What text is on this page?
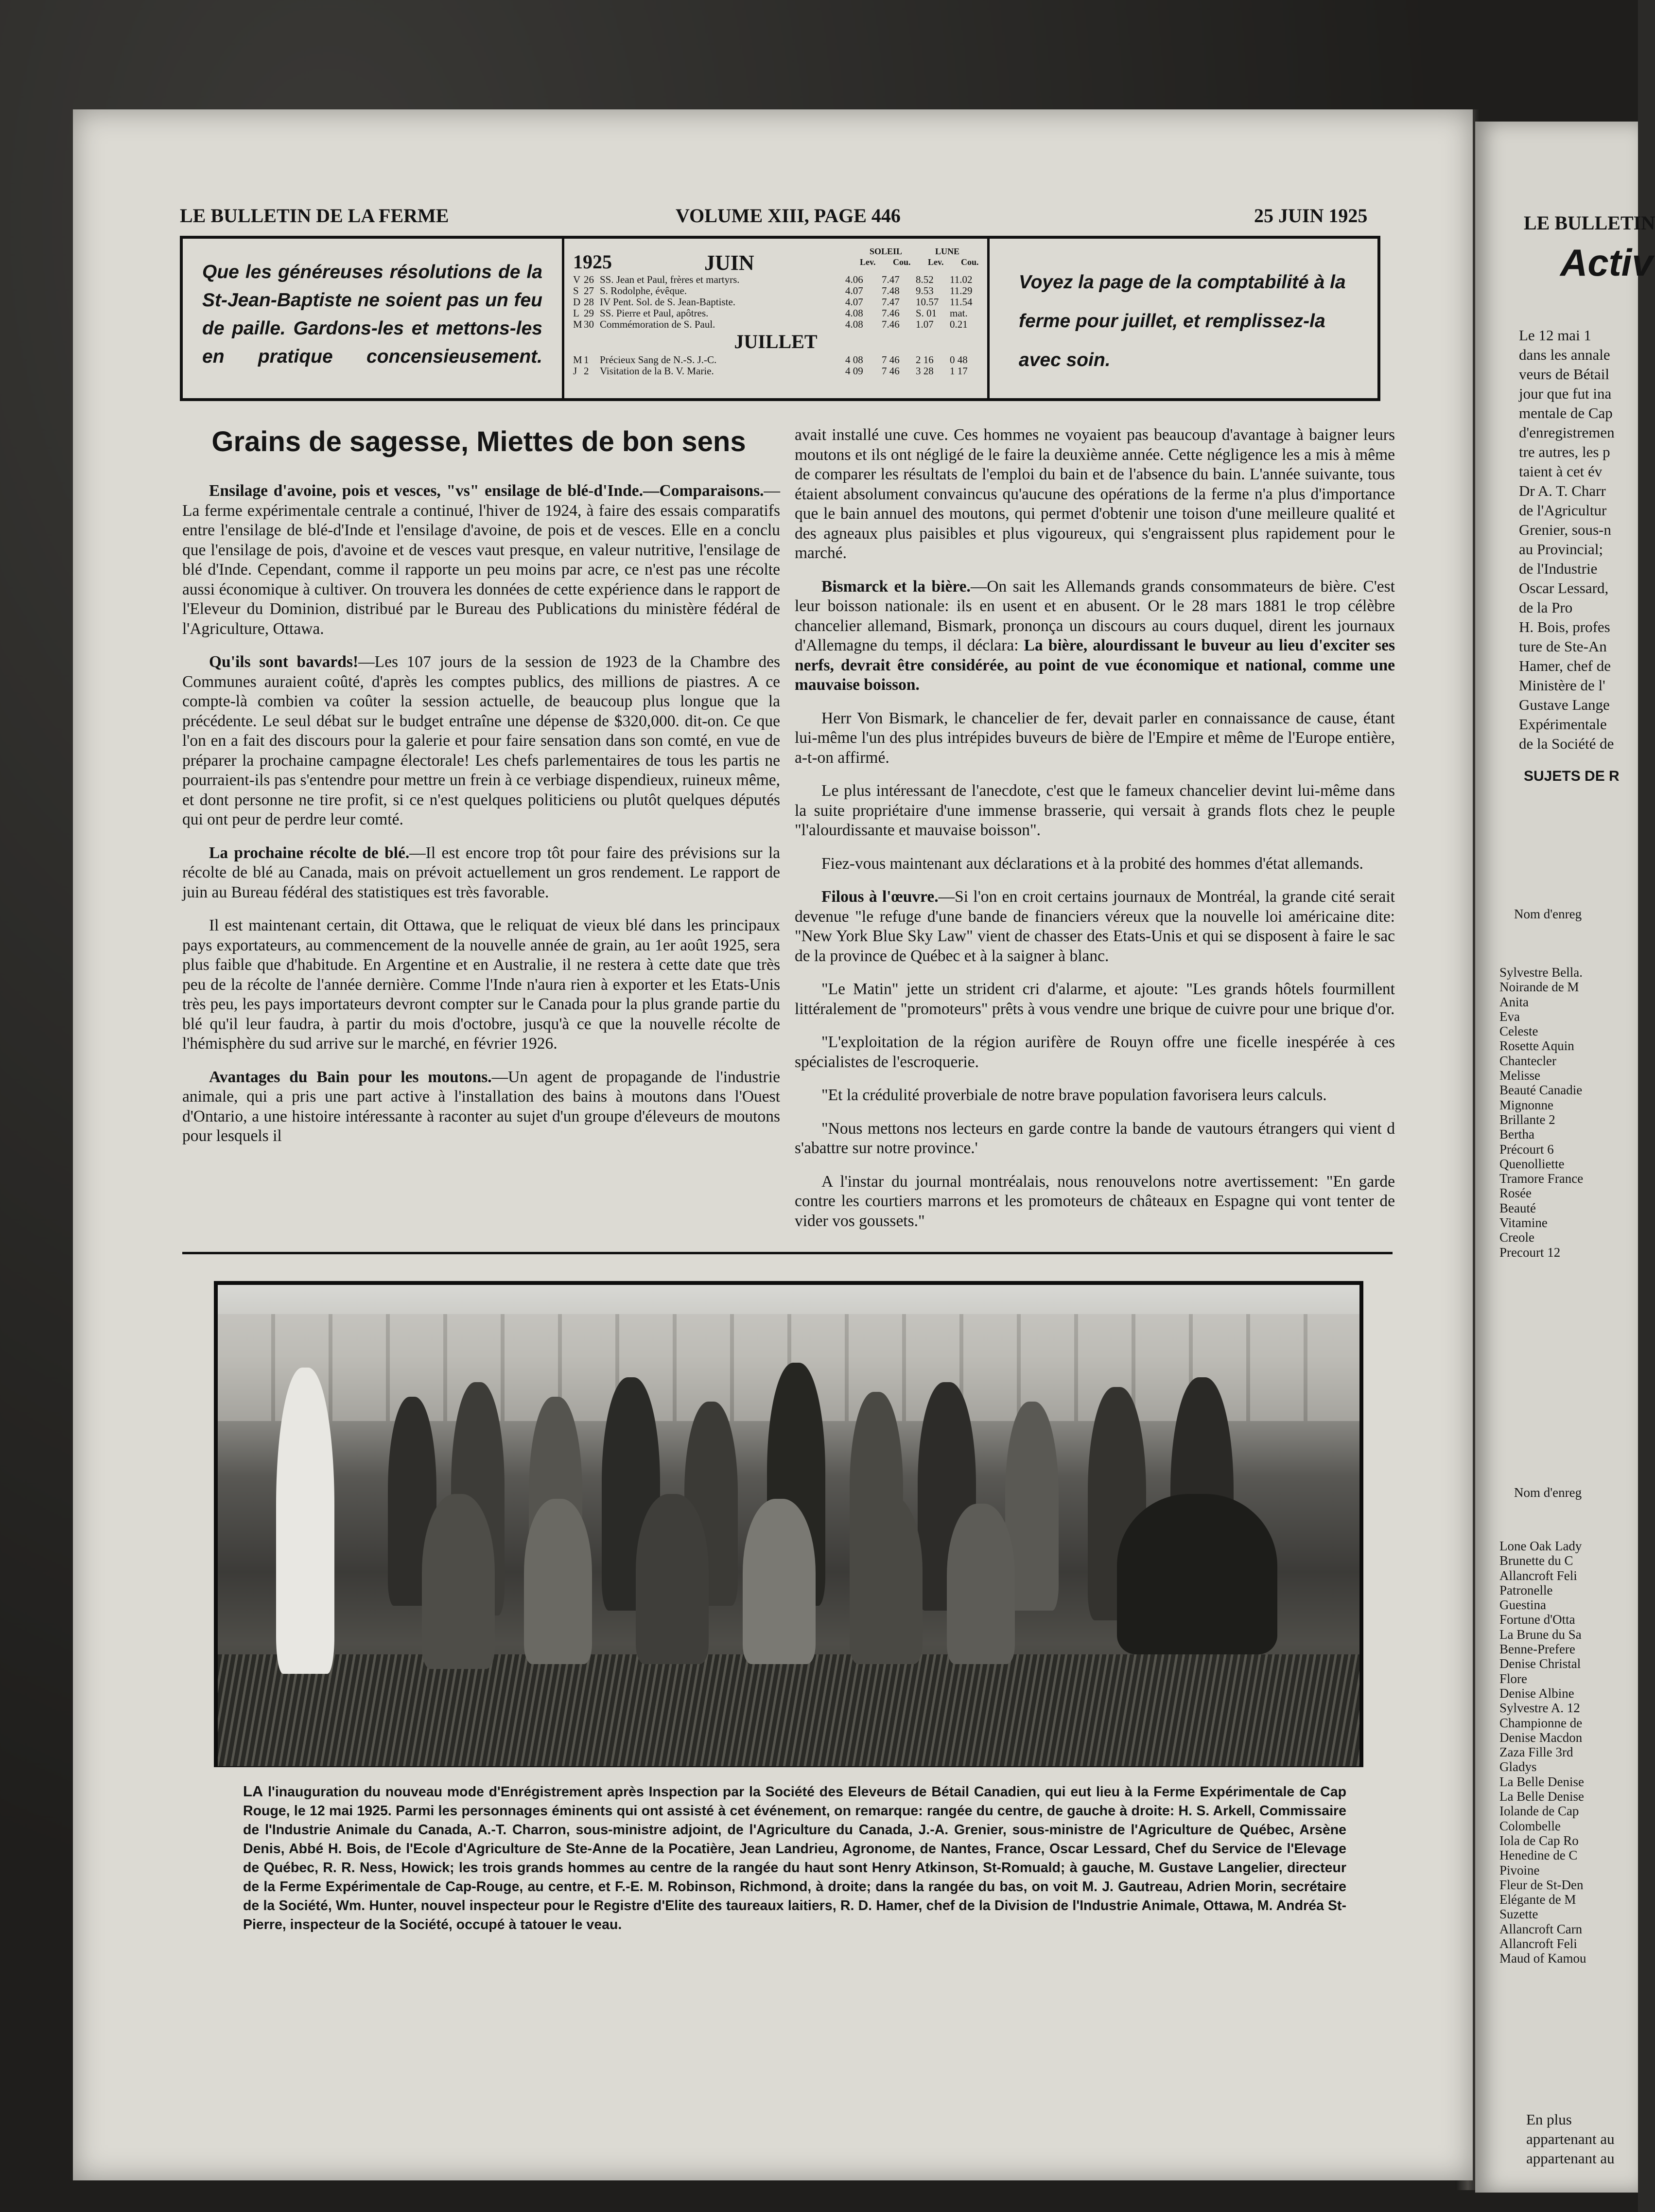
LE BULLETIN DE LA FERME	VOLUME XIII, PAGE 446	25 JUIN 1925
Que les généreuses résolutions de la St-Jean-Baptiste ne soient pas un feu de paille. Gardons-les et mettons-les en pratique concensieusement.
1925	JUIN	SOLEIL	LUNE
Lev. Cou. Lev. Cou.
V 26 SS. Jean et Paul, frères et martyrs.	4.06 7.47 8.52 11.02
S 27 S. Rodolphe, évêque.	4.07 7.48 9.53 11.29
D 28 IV Pent. Sol. de S. Jean-Baptiste.	4.07 7.47 10.57 11.54
L 29 SS. Pierre et Paul, apôtres.	4.08 7.46 S. 01 mat.
M 30 Commémoration de S. Paul.	4.08 7.46 1.07 0.21
JUILLET
M 1 Précieux Sang de N.-S. J.-C.	4 08 7 46 2 16 0 48
J 2 Visitation de la B. V. Marie.	4 09 7 46 3 28 1 17
Voyez la page de la comptabilité à la ferme pour juillet, et remplissez-la avec soin.
Grains de sagesse, Miettes de bon sens

Ensilage d'avoine, pois et vesces, "vs" ensilage de blé-d'Inde.—Comparaisons.—La ferme expérimentale centrale a continué, l'hiver de 1924, à faire des essais comparatifs entre l'ensilage de blé-d'Inde et l'ensilage d'avoine, de pois et de vesces. Elle en a conclu que l'ensilage de pois, d'avoine et de vesces vaut presque, en valeur nutritive, l'ensilage de blé d'Inde. Cependant, comme il rapporte un peu moins par acre, ce n'est pas une récolte aussi économique à cultiver. On trouvera les données de cette expérience dans le rapport de l'Eleveur du Dominion, distribué par le Bureau des Publications du ministère fédéral de l'Agriculture, Ottawa.

Qu'ils sont bavards!—Les 107 jours de la session de 1923 de la Chambre des Communes auraient coûté, d'après les comptes publics, des millions de piastres. A ce compte-là combien va coûter la session actuelle, de beaucoup plus longue que la précédente. Le seul débat sur le budget entraîne une dépense de $320,000. dit-on. Ce que l'on en a fait des discours pour la galerie et pour faire sensation dans son comté, en vue de préparer la prochaine campagne électorale! Les chefs parlementaires de tous les partis ne pourraient-ils pas s'entendre pour mettre un frein à ce verbiage dispendieux, ruineux même, et dont personne ne tire profit, si ce n'est quelques politiciens ou plutôt quelques députés qui ont peur de perdre leur comté.

La prochaine récolte de blé.—Il est encore trop tôt pour faire des prévisions sur la récolte de blé au Canada, mais on prévoit actuellement un gros rendement. Le rapport de juin au Bureau fédéral des statistiques est très favorable.

Il est maintenant certain, dit Ottawa, que le reliquat de vieux blé dans les principaux pays exportateurs, au commencement de la nouvelle année de grain, au 1er août 1925, sera plus faible que d'habitude. En Argentine et en Australie, il ne restera à cette date que très peu de la récolte de l'année dernière. Comme l'Inde n'aura rien à exporter et les Etats-Unis très peu, les pays importateurs devront compter sur le Canada pour la plus grande partie du blé qu'il leur faudra, à partir du mois d'octobre, jusqu'à ce que la nouvelle récolte de l'hémisphère du sud arrive sur le marché, en février 1926.

Avantages du Bain pour les moutons.—Un agent de propagande de l'industrie animale, qui a pris une part active à l'installation des bains à moutons dans l'Ouest d'Ontario, a une histoire intéressante à raconter au sujet d'un groupe d'éleveurs de moutons pour lesquels il

avait installé une cuve. Ces hommes ne voyaient pas beaucoup d'avantage à baigner leurs moutons et ils ont négligé de le faire la deuxième année. Cette négligence les a mis à même de comparer les résultats de l'emploi du bain et de l'absence du bain. L'année suivante, tous étaient absolument convaincus qu'aucune des opérations de la ferme n'a plus d'importance que le bain annuel des moutons, qui permet d'obtenir une toison d'une meilleure qualité et des agneaux plus paisibles et plus vigoureux, qui s'engraissent plus rapidement pour le marché.

Bismarck et la bière.—On sait les Allemands grands consommateurs de bière. C'est leur boisson nationale: ils en usent et en abusent. Or le 28 mars 1881 le trop célèbre chancelier allemand, Bismark, prononça un discours au cours duquel, dirent les journaux d'Allemagne du temps, il déclara: La bière, alourdissant le buveur au lieu d'exciter ses nerfs, devrait être considérée, au point de vue économique et national, comme une mauvaise boisson.

Herr Von Bismark, le chancelier de fer, devait parler en connaissance de cause, étant lui-même l'un des plus intrépides buveurs de bière de l'Empire et même de l'Europe entière, a-t-on affirmé.

Le plus intéressant de l'anecdote, c'est que le fameux chancelier devint lui-même dans la suite propriétaire d'une immense brasserie, qui versait à grands flots chez le peuple "l'alourdissante et mauvaise boisson".

Fiez-vous maintenant aux déclarations et à la probité des hommes d'état allemands.

Filous à l'œuvre.—Si l'on en croit certains journaux de Montréal, la grande cité serait devenue "le refuge d'une bande de financiers véreux que la nouvelle loi américaine dite: "New York Blue Sky Law" vient de chasser des Etats-Unis et qui se disposent à faire le sac de la province de Québec et à la saigner à blanc.

"Le Matin" jette un strident cri d'alarme, et ajoute: "Les grands hôtels fourmillent littéralement de "promoteurs" prêts à vous vendre une brique de cuivre pour une brique d'or.

"L'exploitation de la région aurifère de Rouyn offre une ficelle inespérée à ces spécialistes de l'escroquerie.

"Et la crédulité proverbiale de notre brave population favorisera leurs calculs.

"Nous mettons nos lecteurs en garde contre la bande de vautours étrangers qui vient d s'abattre sur notre province.'

A l'instar du journal montréalais, nous renouvelons notre avertissement: "En garde contre les courtiers marrons et les promoteurs de châteaux en Espagne qui vont tenter de vider vos goussets."

LA l'inauguration du nouveau mode d'Enrégistrement après Inspection par la Société des Eleveurs de Bétail Canadien, qui eut lieu à la Ferme Expérimentale de Cap Rouge, le 12 mai 1925. Parmi les personnages éminents qui ont assisté à cet événement, on remarque: rangée du centre, de gauche à droite: H. S. Arkell, Commissaire de l'Industrie Animale du Canada, A.-T. Charron, sous-ministre adjoint, de l'Agriculture du Canada, J.-A. Grenier, sous-ministre de l'Agriculture de Québec, Arsène Denis, Abbé H. Bois, de l'Ecole d'Agriculture de Ste-Anne de la Pocatière, Jean Landrieu, Agronome, de Nantes, France, Oscar Lessard, Chef du Service de l'Elevage de Québec, R. R. Ness, Howick; les trois grands hommes au centre de la rangée du haut sont Henry Atkinson, St-Romuald; à gauche, M. Gustave Langelier, directeur de la Ferme Expérimentale de Cap-Rouge, au centre, et F.-E. M. Robinson, Richmond, à droite; dans la rangée du bas, on voit M. J. Gautreau, Adrien Morin, secrétaire de la Société, Wm. Hunter, nouvel inspecteur pour le Registre d'Elite des taureaux laitiers, R. D. Hamer, chef de la Division de l'Industrie Animale, Ottawa, M. Andréa St-Pierre, inspecteur de la Société, occupé à tatouer le veau.
LE BULLETIN
Activ
Le 12 mai 1
dans les annale
veurs de Bétail
jour que fut ina
mentale de Cap
d'enregistremen
tre autres, les p
taient à cet év
Dr A. T. Charr
de l'Agricultur
Grenier, sous-n
au Provincial;
de l'Industrie
Oscar Lessard,
de la Pro
H. Bois, profes
ture de Ste-An
Hamer, chef de
Ministère de l'
Gustave Lange
Expérimentale
de la Société de
SUJETS DE R
Nom d'enreg
Sylvestre Bella.
Noirande de M
Anita
Eva
Celeste
Rosette Aquin
Chantecler
Melisse
Beauté Canadie
Mignonne
Brillante 2
Bertha
Précourt 6
Quenolliette
Tramore France
Rosée
Beauté
Vitamine
Creole
Precourt 12
Nom d'enreg
Lone Oak Lady
Brunette du C
Allancroft Feli
Patronelle
Guestina
Fortune d'Otta
La Brune du Sa
Benne-Prefere
Denise Christal
Flore
Denise Albine
Sylvestre A. 12
Championne de
Denise Macdon
Zaza Fille 3rd
Gladys
La Belle Denise
La Belle Denise
Iolande de Cap
Colombelle
Iola de Cap Ro
Henedine de C
Pivoine
Fleur de St-Den
Elégante de M
Suzette
Allancroft Carn
Allancroft Feli
Maud of Kamou
En plus
appartenant au
appartenant au
